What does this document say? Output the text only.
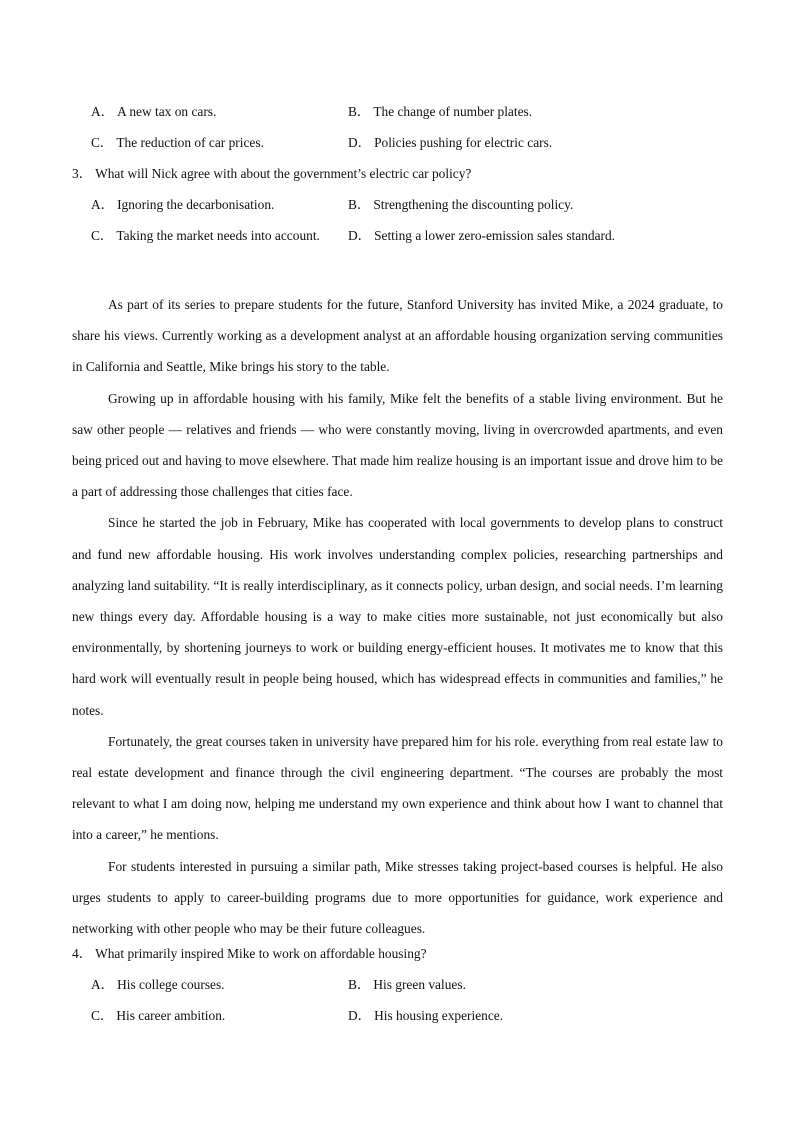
A． A new tax on cars.	B． The change of number plates.
C． The reduction of car prices.	D． Policies pushing for electric cars.
3． What will Nick agree with about the government’s electric car policy?
A． Ignoring the decarbonisation.	B． Strengthening the discounting policy.
C． Taking the market needs into account. D． Setting a lower zero-emission sales standard.

As part of its series to prepare students for the future, Stanford University has invited Mike, a 2024 graduate, to share his views. Currently working as a development analyst at an affordable housing organization serving communities in California and Seattle, Mike brings his story to the table.

Growing up in affordable housing with his family, Mike felt the benefits of a stable living environment. But he saw other people — relatives and friends — who were constantly moving, living in overcrowded apartments, and even being priced out and having to move elsewhere. That made him realize housing is an important issue and drove him to be a part of addressing those challenges that cities face.

Since he started the job in February, Mike has cooperated with local governments to develop plans to construct and fund new affordable housing. His work involves understanding complex policies, researching partnerships and analyzing land suitability. “It is really interdisciplinary, as it connects policy, urban design, and social needs. I’m learning new things every day. Affordable housing is a way to make cities more sustainable, not just economically but also environmentally, by shortening journeys to work or building energy-efficient houses. It motivates me to know that this hard work will eventually result in people being housed, which has widespread effects in communities and families,” he notes.

Fortunately, the great courses taken in university have prepared him for his role. everything from real estate law to real estate development and finance through the civil engineering department. “The courses are probably the most relevant to what I am doing now, helping me understand my own experience and think about how I want to channel that into a career,” he mentions.

For students interested in pursuing a similar path, Mike stresses taking project-based courses is helpful. He also urges students to apply to career-building programs due to more opportunities for guidance, work experience and networking with other people who may be their future colleagues.

4． What primarily inspired Mike to work on affordable housing?
A． His college courses.	B． His green values.
C． His career ambition.	D． His housing experience.
